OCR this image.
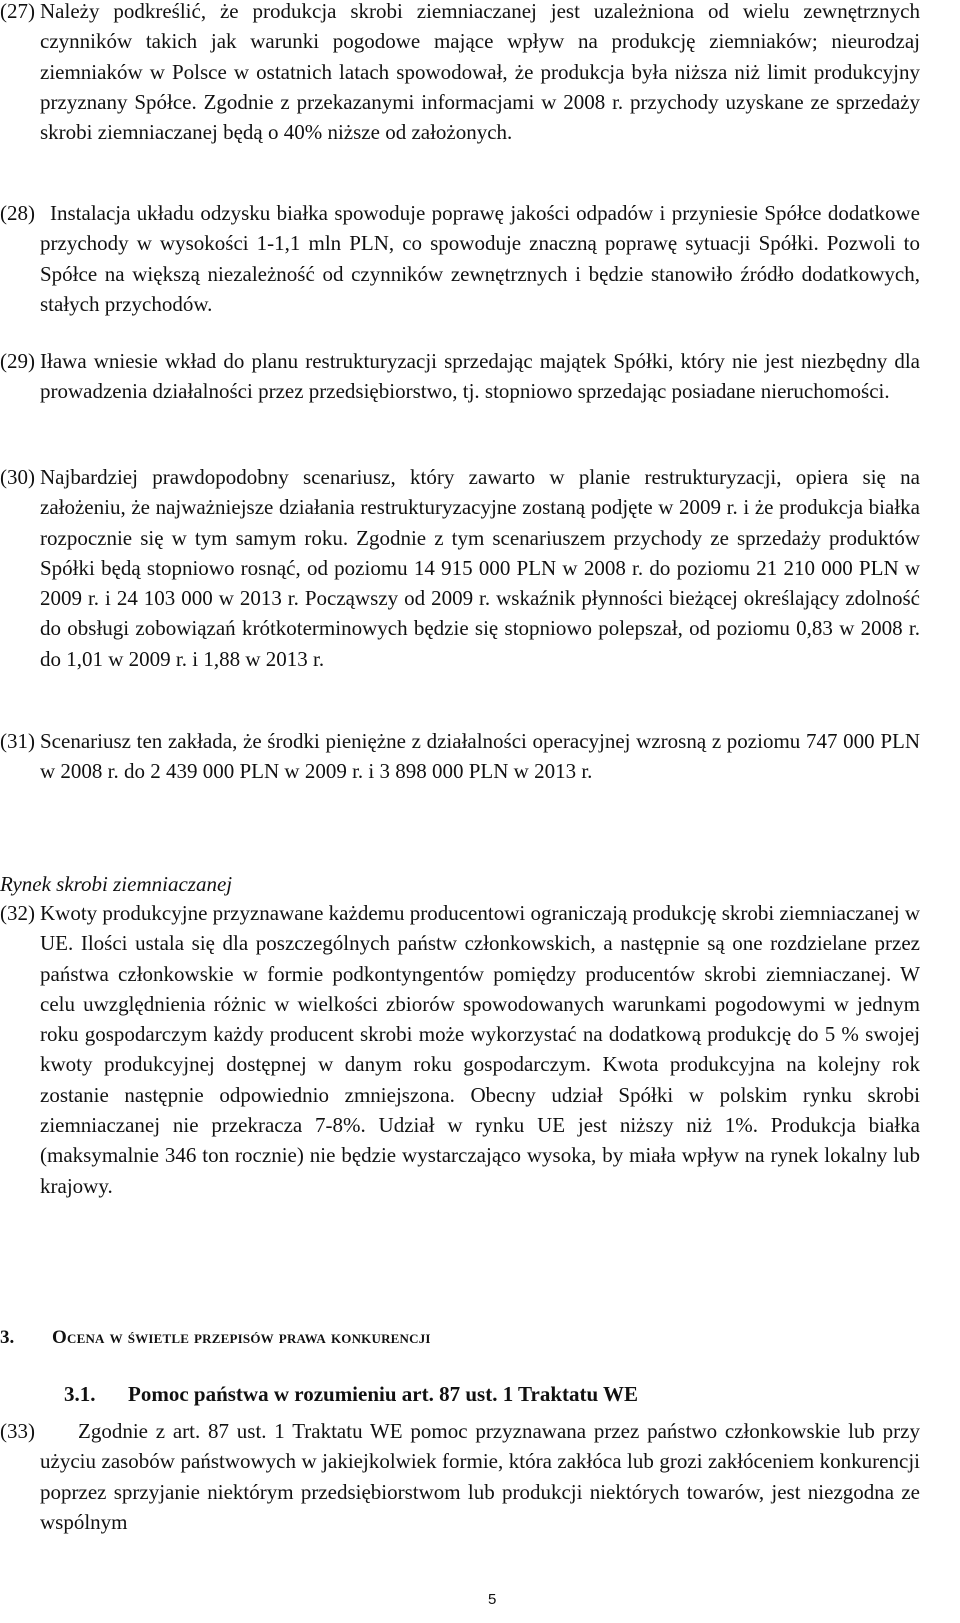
(27) Należy podkreślić, że produkcja skrobi ziemniaczanej jest uzależniona od wielu zewnętrznych czynników takich jak warunki pogodowe mające wpływ na produkcję ziemniaków; nieurodzaj ziemniaków w Polsce w ostatnich latach spowodował, że produkcja była niższa niż limit produkcyjny przyznany Spółce. Zgodnie z przekazanymi informacjami w 2008 r. przychody uzyskane ze sprzedaży skrobi ziemniaczanej będą o 40% niższe od założonych.
(28) Instalacja układu odzysku białka spowoduje poprawę jakości odpadów i przyniesie Spółce dodatkowe przychody w wysokości 1-1,1 mln PLN, co spowoduje znaczną poprawę sytuacji Spółki. Pozwoli to Spółce na większą niezależność od czynników zewnętrznych i będzie stanowiło źródło dodatkowych, stałych przychodów.
(29) Iława wniesie wkład do planu restrukturyzacji sprzedając majątek Spółki, który nie jest niezbędny dla prowadzenia działalności przez przedsiębiorstwo, tj. stopniowo sprzedając posiadane nieruchomości.
(30) Najbardziej prawdopodobny scenariusz, który zawarto w planie restrukturyzacji, opiera się na założeniu, że najważniejsze działania restrukturyzacyjne zostaną podjęte w 2009 r. i że produkcja białka rozpocznie się w tym samym roku. Zgodnie z tym scenariuszem przychody ze sprzedaży produktów Spółki będą stopniowo rosnąć, od poziomu 14 915 000 PLN w 2008 r. do poziomu 21 210 000 PLN w 2009 r. i 24 103 000 w 2013 r. Począwszy od 2009 r. wskaźnik płynności bieżącej określający zdolność do obsługi zobowiązań krótkoterminowych będzie się stopniowo polepszał, od poziomu 0,83 w 2008 r. do 1,01 w 2009 r. i 1,88 w 2013 r.
(31) Scenariusz ten zakłada, że środki pieniężne z działalności operacyjnej wzrosną z poziomu 747 000 PLN w 2008 r. do 2 439 000 PLN w 2009 r. i 3 898 000 PLN w 2013 r.

Rynek skrobi ziemniaczanej

(32) Kwoty produkcyjne przyznawane każdemu producentowi ograniczają produkcję skrobi ziemniaczanej w UE. Ilości ustala się dla poszczególnych państw członkowskich, a następnie są one rozdzielane przez państwa członkowskie w formie podkontyngentów pomiędzy producentów skrobi ziemniaczanej. W celu uwzględnienia różnic w wielkości zbiorów spowodowanych warunkami pogodowymi w jednym roku gospodarczym każdy producent skrobi może wykorzystać na dodatkową produkcję do 5 % swojej kwoty produkcyjnej dostępnej w danym roku gospodarczym. Kwota produkcyjna na kolejny rok zostanie następnie odpowiednio zmniejszona. Obecny udział Spółki w polskim rynku skrobi ziemniaczanej nie przekracza 7-8%. Udział w rynku UE jest niższy niż 1%. Produkcja białka (maksymalnie 346 ton rocznie) nie będzie wystarczająco wysoka, by miała wpływ na rynek lokalny lub krajowy.

3. Ocena w świetle przepisów prawa konkurencji

3.1. Pomoc państwa w rozumieniu art. 87 ust. 1 Traktatu WE

(33)	Zgodnie z art. 87 ust. 1 Traktatu WE pomoc przyznawana przez państwo członkowskie lub przy użyciu zasobów państwowych w jakiejkolwiek formie, która zakłóca lub grozi zakłóceniem konkurencji poprzez sprzyjanie niektórym przedsiębiorstwom lub produkcji niektórych towarów, jest niezgodna ze wspólnym

5
